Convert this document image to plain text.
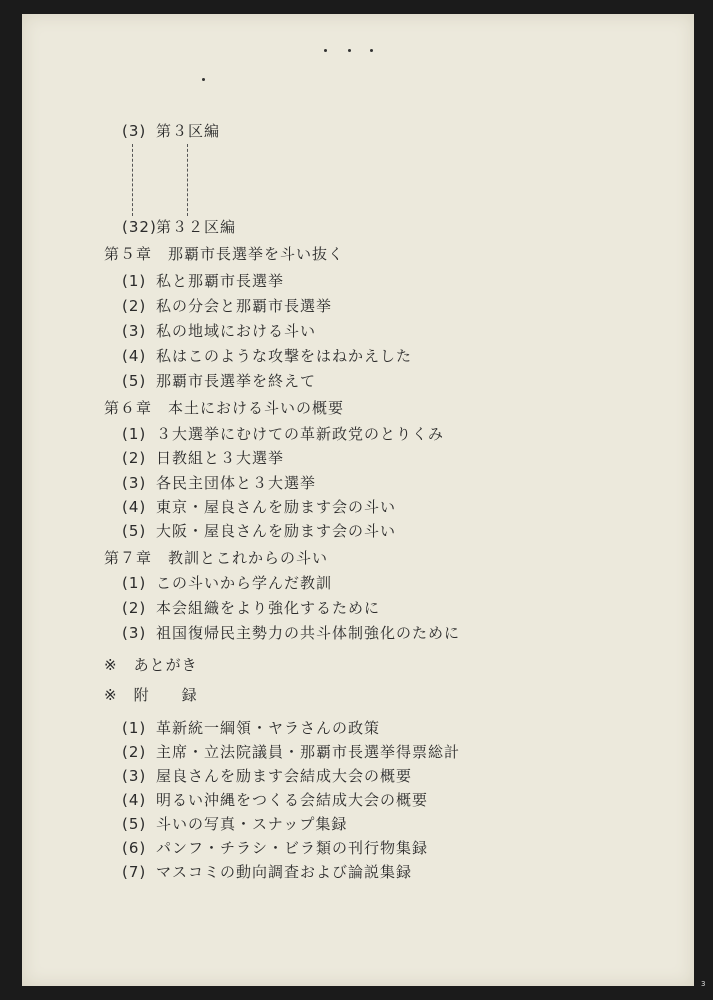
(3) 第３区編
(32)第３２区編
第５章　那覇市長選挙を斗い抜く
(1) 私と那覇市長選挙
(2) 私の分会と那覇市長選挙
(3) 私の地域における斗い
(4) 私はこのような攻撃をはねかえした
(5) 那覇市長選挙を終えて
第６章　本土における斗いの概要
(1) ３大選挙にむけての革新政党のとりくみ
(2) 日教組と３大選挙
(3) 各民主団体と３大選挙
(4) 東京・屋良さんを励ます会の斗い
(5) 大阪・屋良さんを励ます会の斗い
第７章　教訓とこれからの斗い
(1) この斗いから学んだ教訓
(2) 本会組織をより強化するために
(3) 祖国復帰民主勢力の共斗体制強化のために
※　あとがき
※　附　　録
(1) 革新統一綱領・ヤラさんの政策
(2) 主席・立法院議員・那覇市長選挙得票総計
(3) 屋良さんを励ます会結成大会の概要
(4) 明るい沖縄をつくる会結成大会の概要
(5) 斗いの写真・スナップ集録
(6) パンフ・チラシ・ビラ類の刊行物集録
(7) マスコミの動向調査および論説集録
3
